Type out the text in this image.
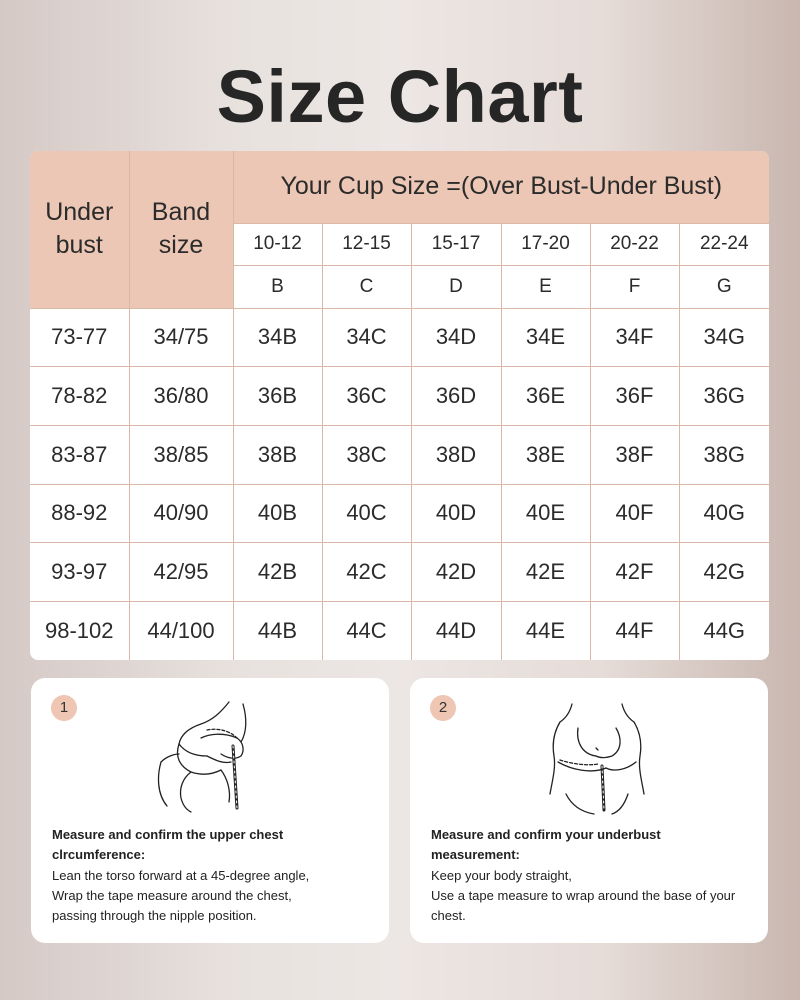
Size Chart
Under bust	Band size	Your Cup Size =(Over Bust-Under Bust)					
		10-12	12-15	15-17	17-20	20-22	22-24
		B	C	D	E	F	G
73-77	34/75	34B	34C	34D	34E	34F	34G
78-82	36/80	36B	36C	36D	36E	36F	36G
83-87	38/85	38B	38C	38D	38E	38F	38G
88-92	40/90	40B	40C	40D	40E	40F	40G
93-97	42/95	42B	42C	42D	42E	42F	42G
98-102	44/100	44B	44C	44D	44E	44F	44G
1
Measure and confirm the upper chest
clrcumference:
Lean the torso forward at a 45-degree angle,
Wrap the tape measure around the chest,
passing through the nipple position.
2
Measure and confirm your underbust
measurement:
Keep your body straight,
Use a tape measure to wrap around the base of your
chest.
